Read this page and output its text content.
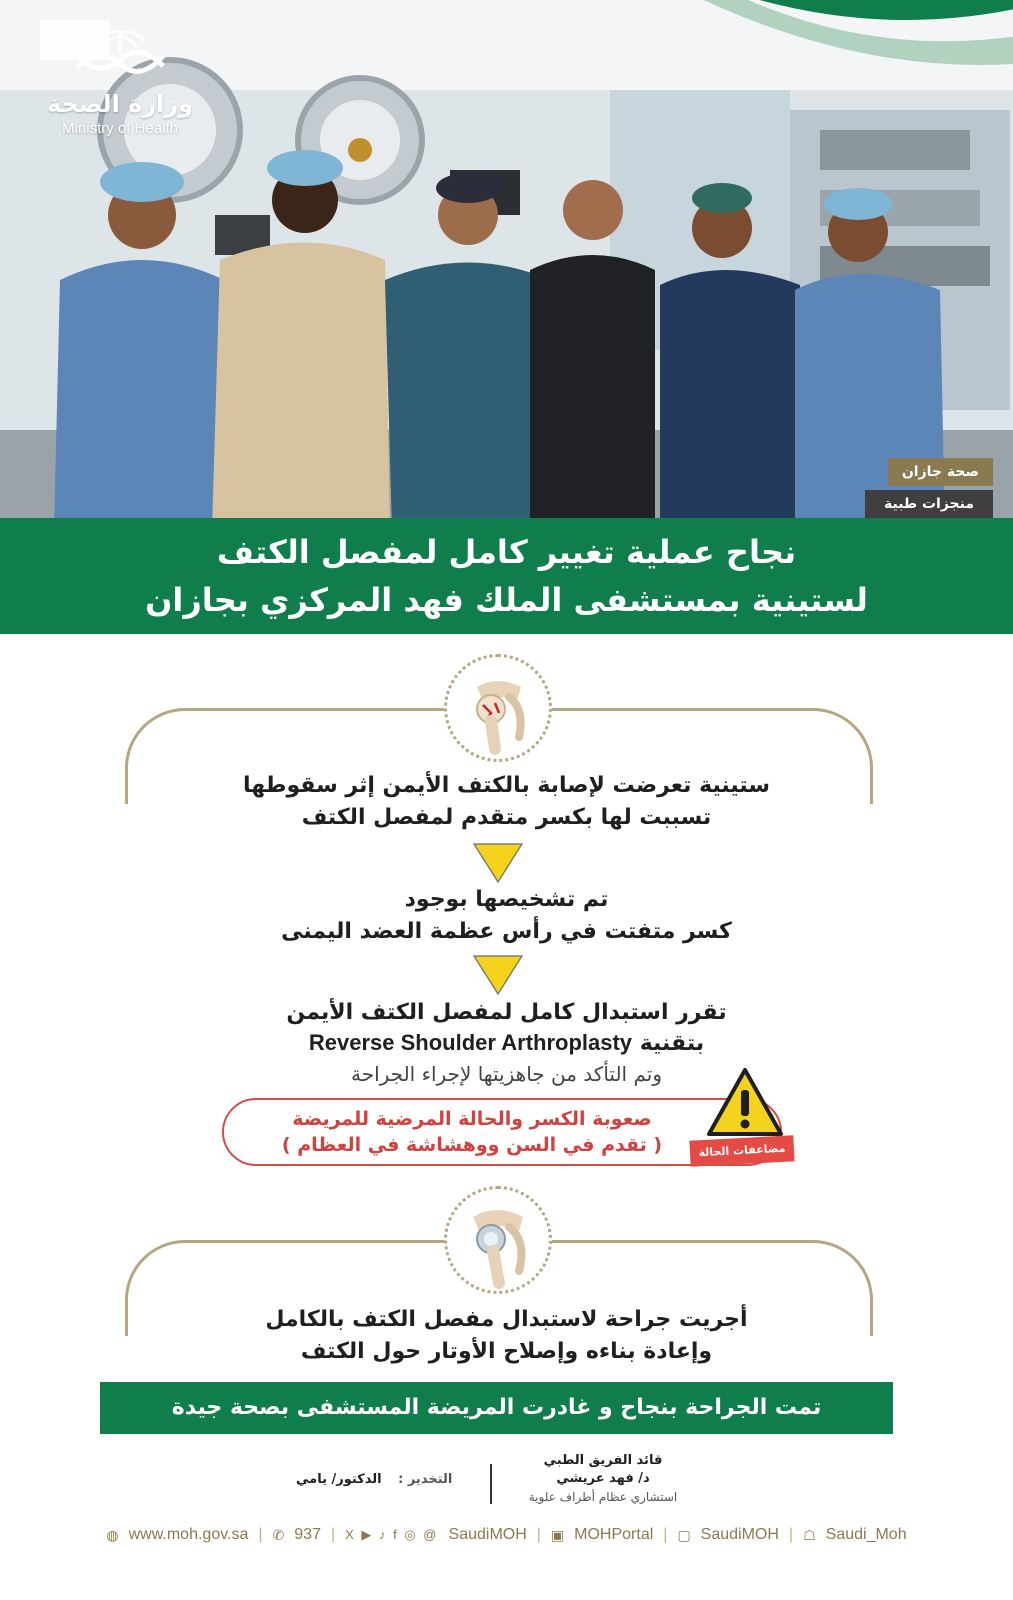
وزارة الصحة
Ministry of Health
صحة جازان
منجزات طبية
نجاح عملية تغيير كامل لمفصل الكتف
لستينية بمستشفى الملك فهد المركزي بجازان
ستينية تعرضت لإصابة بالكتف الأيمن إثر سقوطها
تسببت لها بكسر متقدم لمفصل الكتف
تم تشخيصها بوجود
كسر متفتت في رأس عظمة العضد اليمنى
تقرر استبدال كامل لمفصل الكتف الأيمن
بتقنية Reverse Shoulder Arthroplasty
وتم التأكد من جاهزيتها لإجراء الجراحة
صعوبة الكسر والحالة المرضية للمريضة
( تقدم في السن ووهشاشة في العظام )	مضاعفات الحالة
أجريت جراحة لاستبدال مفصل الكتف بالكامل
وإعادة بناءه وإصلاح الأوتار حول الكتف
تمت الجراحة بنجاح و غادرت المريضة المستشفى بصحة جيدة
قائد الفريق الطبي
د/ فهد عريشي
استشاري عظام أطراف علوية
التخدير : الدكتور/ يامي
◍ www.moh.gov.sa | ✆ 937 | X ▶ ♪ f ◎ @ SaudiMOH | ▣ MOHPortal | ▢ SaudiMOH | ☖ Saudi_Moh
